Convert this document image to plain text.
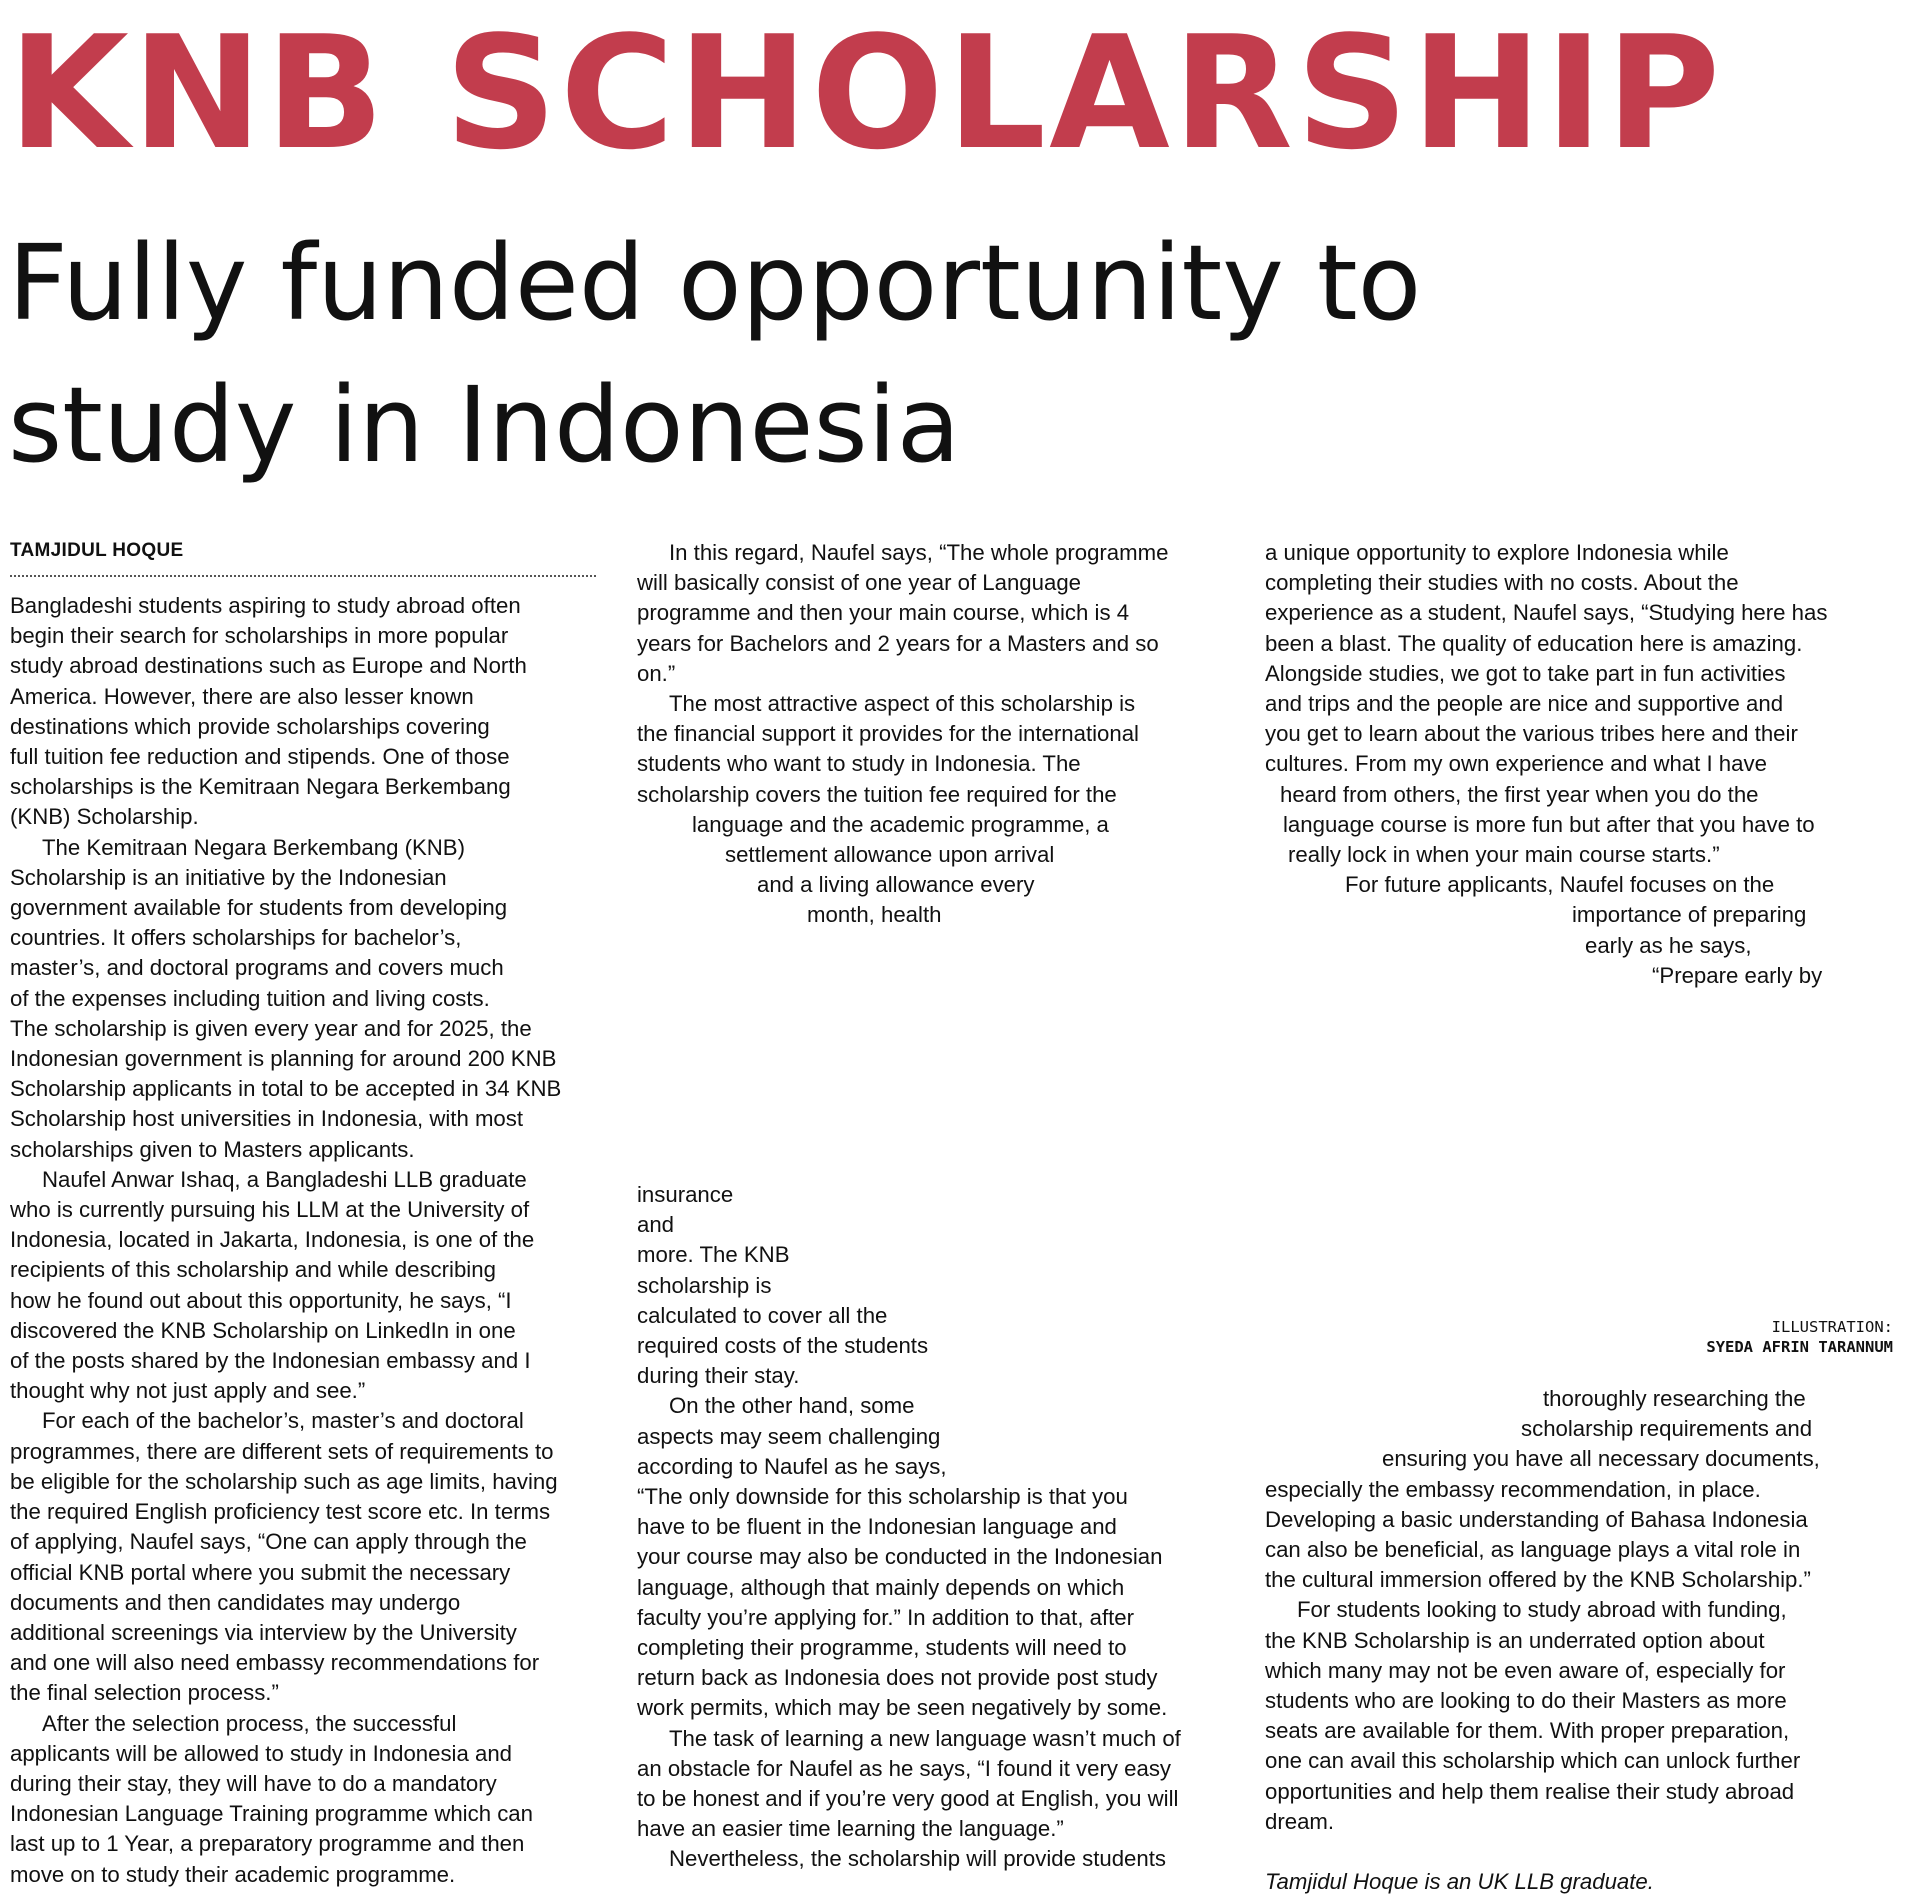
KNB SCHOLARSHIP
Fully funded opportunity to
study in Indonesia
TAMJIDUL HOQUE

Bangladeshi students aspiring to study abroad often

begin their search for scholarships in more popular

study abroad destinations such as Europe and North

America. However, there are also lesser known

destinations which provide scholarships covering

full tuition fee reduction and stipends. One of those

scholarships is the Kemitraan Negara Berkembang

(KNB) Scholarship.

The Kemitraan Negara Berkembang (KNB)

Scholarship is an initiative by the Indonesian

government available for students from developing

countries. It offers scholarships for bachelor’s,

master’s, and doctoral programs and covers much

of the expenses including tuition and living costs.

The scholarship is given every year and for 2025, the

Indonesian government is planning for around 200 KNB

Scholarship applicants in total to be accepted in 34 KNB

Scholarship host universities in Indonesia, with most

scholarships given to Masters applicants.

Naufel Anwar Ishaq, a Bangladeshi LLB graduate

who is currently pursuing his LLM at the University of

Indonesia, located in Jakarta, Indonesia, is one of the

recipients of this scholarship and while describing

how he found out about this opportunity, he says, “I

discovered the KNB Scholarship on LinkedIn in one

of the posts shared by the Indonesian embassy and I

thought why not just apply and see.”

For each of the bachelor’s, master’s and doctoral

programmes, there are different sets of requirements to

be eligible for the scholarship such as age limits, having

the required English proficiency test score etc. In terms

of applying, Naufel says, “One can apply through the

official KNB portal where you submit the necessary

documents and then candidates may undergo

additional screenings via interview by the University

and one will also need embassy recommendations for

the final selection process.”

After the selection process, the successful

applicants will be allowed to study in Indonesia and

during their stay, they will have to do a mandatory

Indonesian Language Training programme which can

last up to 1 Year, a preparatory programme and then

move on to study their academic programme.

In this regard, Naufel says, “The whole programme

will basically consist of one year of Language

programme and then your main course, which is 4

years for Bachelors and 2 years for a Masters and so

on.”

The most attractive aspect of this scholarship is

the financial support it provides for the international

students who want to study in Indonesia. The

scholarship covers the tuition fee required for the

language and the academic programme, a

settlement allowance upon arrival

and a living allowance every

month, health

insurance

and

more. The KNB

scholarship is

calculated to cover all the

required costs of the students

during their stay.

On the other hand, some

aspects may seem challenging

according to Naufel as he says,

“The only downside for this scholarship is that you

have to be fluent in the Indonesian language and

your course may also be conducted in the Indonesian

language, although that mainly depends on which

faculty you’re applying for.” In addition to that, after

completing their programme, students will need to

return back as Indonesia does not provide post study

work permits, which may be seen negatively by some.

The task of learning a new language wasn’t much of

an obstacle for Naufel as he says, “I found it very easy

to be honest and if you’re very good at English, you will

have an easier time learning the language.”

Nevertheless, the scholarship will provide students

a unique opportunity to explore Indonesia while

completing their studies with no costs. About the

experience as a student, Naufel says, “Studying here has

been a blast. The quality of education here is amazing.

Alongside studies, we got to take part in fun activities

and trips and the people are nice and supportive and

you get to learn about the various tribes here and their

cultures. From my own experience and what I have

heard from others, the first year when you do the

language course is more fun but after that you have to

really lock in when your main course starts.”

For future applicants, Naufel focuses on the

importance of preparing

early as he says,

“Prepare early by

thoroughly researching the

scholarship requirements and

ensuring you have all necessary documents,

especially the embassy recommendation, in place.

Developing a basic understanding of Bahasa Indonesia

can also be beneficial, as language plays a vital role in

the cultural immersion offered by the KNB Scholarship.”

For students looking to study abroad with funding,

the KNB Scholarship is an underrated option about

which many may not be even aware of, especially for

students who are looking to do their Masters as more

seats are available for them. With proper preparation,

one can avail this scholarship which can unlock further

opportunities and help them realise their study abroad

dream.

Tamjidul Hoque is an UK LLB graduate.

ILLUSTRATION:
SYEDA AFRIN TARANNUM
